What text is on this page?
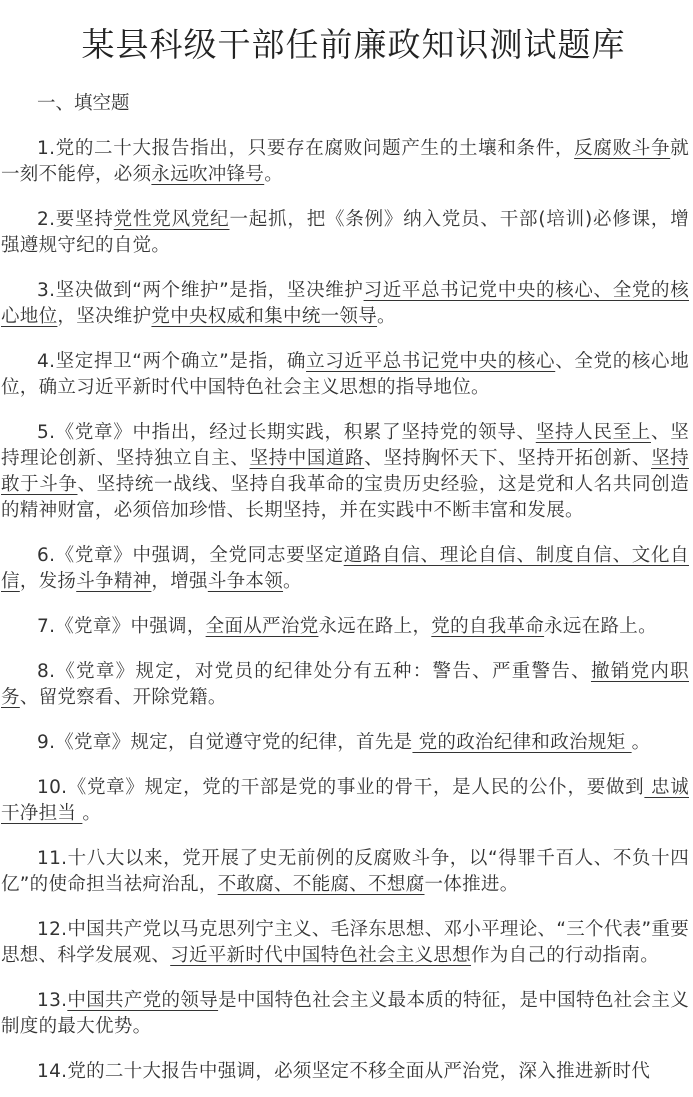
某县科级干部任前廉政知识测试题库
一、填空题

1.党的二十大报告指出，只要存在腐败问题产生的土壤和条件，反腐败斗争就一刻不能停，必须永远吹冲锋号。

2.要坚持党性党风党纪一起抓，把《条例》纳入党员、干部(培训)必修课，增强遵规守纪的自觉。

3.坚决做到“两个维护”是指，坚决维护习近平总书记党中央的核心、全党的核心地位，坚决维护党中央权威和集中统一领导。

4.坚定捍卫“两个确立”是指，确立习近平总书记党中央的核心、全党的核心地位，确立习近平新时代中国特色社会主义思想的指导地位。

5.《党章》中指出，经过长期实践，积累了坚持党的领导、坚持人民至上、坚持理论创新、坚持独立自主、坚持中国道路、坚持胸怀天下、坚持开拓创新、坚持敢于斗争、坚持统一战线、坚持自我革命的宝贵历史经验，这是党和人名共同创造的精神财富，必须倍加珍惜、长期坚持，并在实践中不断丰富和发展。

6.《党章》中强调，全党同志要坚定道路自信、理论自信、制度自信、文化自信，发扬斗争精神，增强斗争本领。

7.《党章》中强调，全面从严治党永远在路上，党的自我革命永远在路上。

8.《党章》规定，对党员的纪律处分有五种：警告、严重警告、撤销党内职务、留党察看、开除党籍。

9.《党章》规定，自觉遵守党的纪律，首先是 党的政治纪律和政治规矩 。

10.《党章》规定，党的干部是党的事业的骨干，是人民的公仆，要做到 忠诚干净担当 。

11.十八大以来，党开展了史无前例的反腐败斗争，以“得罪千百人、不负十四亿”的使命担当祛疴治乱，不敢腐、不能腐、不想腐一体推进。

12.中国共产党以马克思列宁主义、毛泽东思想、邓小平理论、“三个代表”重要思想、科学发展观、习近平新时代中国特色社会主义思想作为自己的行动指南。

13.中国共产党的领导是中国特色社会主义最本质的特征，是中国特色社会主义制度的最大优势。

14.党的二十大报告中强调，必须坚定不移全面从严治党，深入推进新时代
